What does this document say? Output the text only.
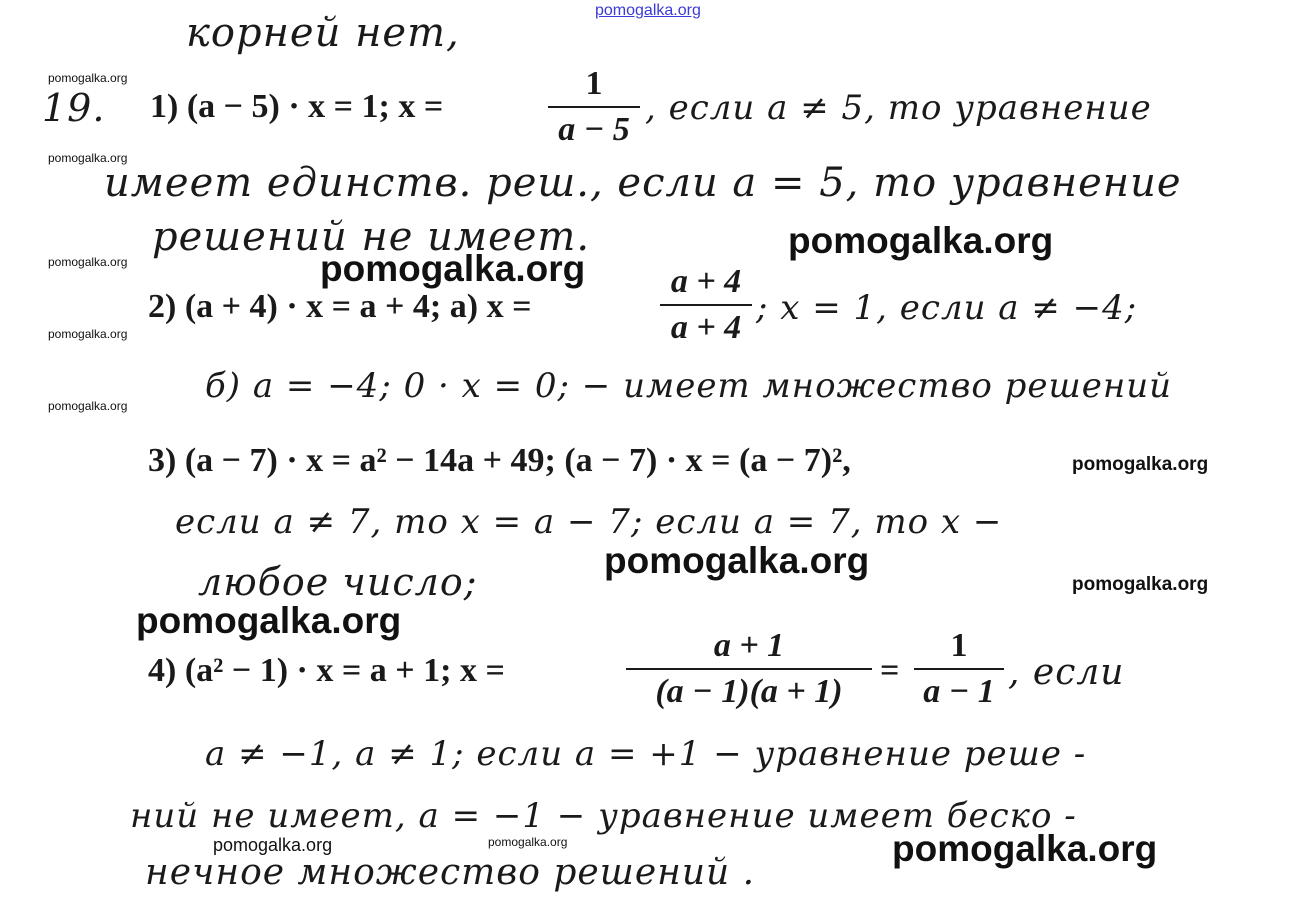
pomogalka.org
корней нет,
19. 1) (a − 5) · x = 1; x =
1
a − 5
, если a ≠ 5, то уравнение
имеет единств. реш., если a = 5, то уравнение
решений не имеет.
2) (a + 4) · x = a + 4; а) x =
a + 4
a + 4 ; x = 1, если a ≠ −4;
б) a = −4; 0 · x = 0; − имеет множество решений
3) (a − 7) · x = a² − 14a + 49; (a − 7) · x = (a − 7)²,
если a ≠ 7, то x = a − 7; если a = 7, то x −
любое число;
4) (a² − 1) · x = a + 1; x =
a + 1
(a − 1)(a + 1)
=
1
a − 1 , если
a ≠ −1, a ≠ 1; если a = +1 − уравнение реше -
ний не имеет, a = −1 − уравнение имеет бескo -
нечное множество решений .
pomogalka.org
pomogalka.org
pomogalka.org
pomogalka.org
pomogalka.org
pomogalka.org
pomogalka.org
pomogalka.org
pomogalka.org
pomogalka.org
pomogalka.org
pomogalka.org
pomogalka.org	pomogalka.org
